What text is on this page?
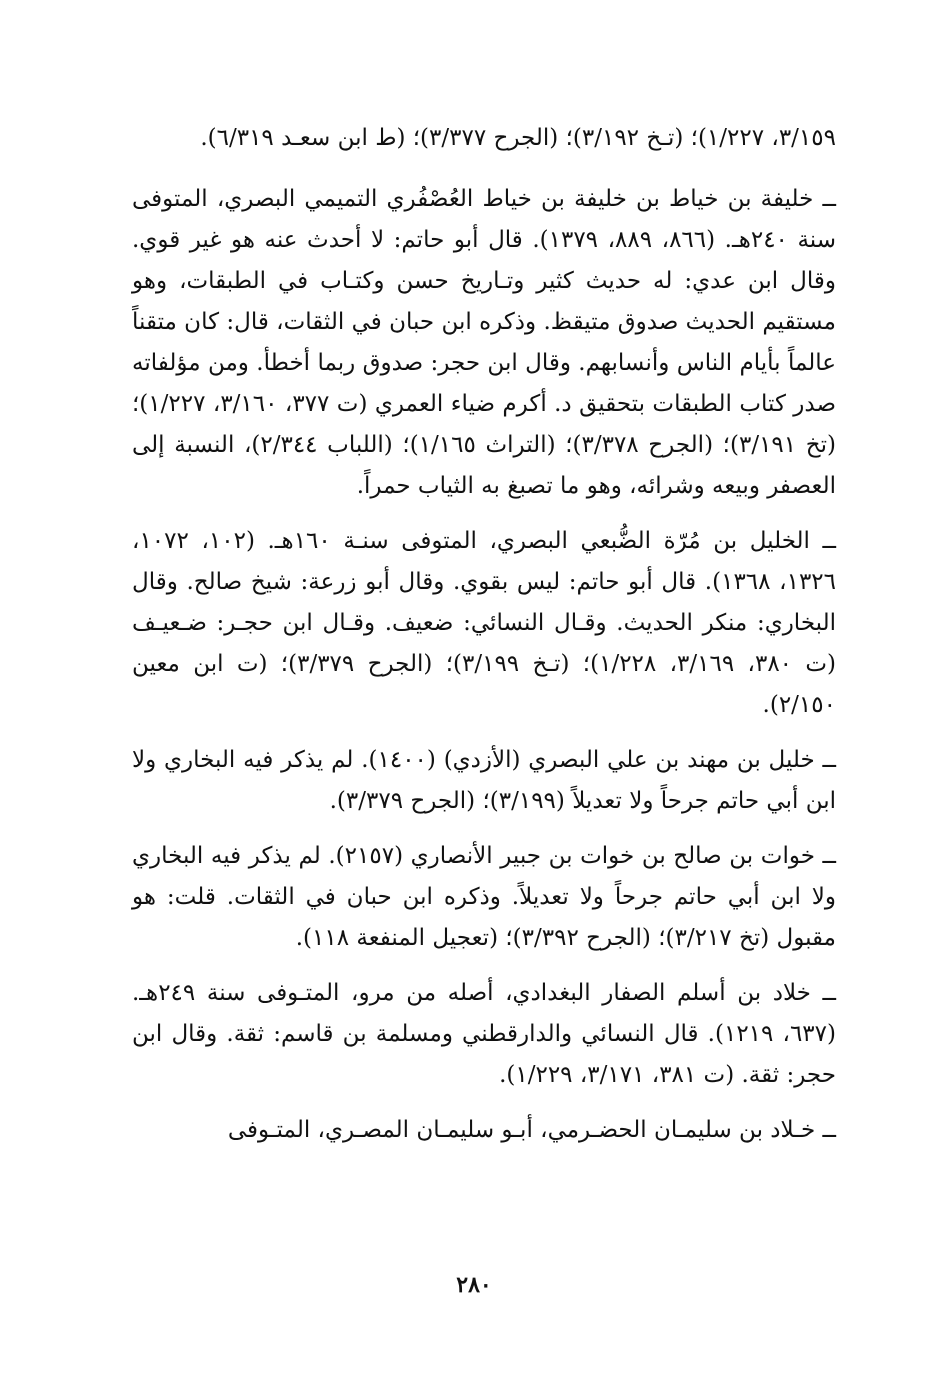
٣/١٥٩، ١/٢٢٧)؛ (تـخ ٣/١٩٢)؛ (الجرح ٣/٣٧٧)؛ (ط ابن سعـد ٦/٣١٩).

ــ خليفة بن خياط بن خليفة بن خياط العُصْفُري التميمي البصري، المتوفى سنة ٢٤٠هـ. (٨٦٦، ٨٨٩، ١٣٧٩). قال أبو حاتم: لا أحدث عنه هو غير قوي. وقال ابن عدي: له حديث كثير وتـاريخ حسن وكتـاب في الطبقات، وهو مستقيم الحديث صدوق متيقظ. وذكره ابن حبان في الثقات، قال: كان متقناً عالماً بأيام الناس وأنسابهم. وقال ابن حجر: صدوق ربما أخطأ. ومن مؤلفاته صدر كتاب الطبقات بتحقيق د. أكرم ضياء العمري (ت ٣٧٧، ٣/١٦٠، ١/٢٢٧)؛ (تخ ٣/١٩١)؛ (الجرح ٣/٣٧٨)؛ (التراث ١/١٦٥)؛ (اللباب ٢/٣٤٤)، النسبة إلى العصفر وبيعه وشرائه، وهو ما تصبغ به الثياب حمراً.

ــ الخليل بن مُرّة الضُّبعي البصري، المتوفى سنـة ١٦٠هـ. (١٠٢، ١٠٧٢، ١٣٢٦، ١٣٦٨). قال أبو حاتم: ليس بقوي. وقال أبو زرعة: شيخ صالح. وقال البخاري: منكر الحديث. وقـال النسائي: ضعيف. وقـال ابن حجـر: ضـعيـف (ت ٣٨٠، ٣/١٦٩، ١/٢٢٨)؛ (تـخ ٣/١٩٩)؛ (الجرح ٣/٣٧٩)؛ (ت ابن معين ٢/١٥٠).

ــ خليل بن مهند بن علي البصري (الأزدي) (١٤٠٠). لم يذكر فيه البخاري ولا ابن أبي حاتم جرحاً ولا تعديلاً (٣/١٩٩)؛ (الجرح ٣/٣٧٩).

ــ خوات بن صالح بن خوات بن جبير الأنصاري (٢١٥٧). لم يذكر فيه البخاري ولا ابن أبي حاتم جرحاً ولا تعديلاً. وذكره ابن حبان في الثقات. قلت: هو مقبول (تخ ٣/٢١٧)؛ (الجرح ٣/٣٩٢)؛ (تعجيل المنفعة ١١٨).

ــ خلاد بن أسلم الصفار البغدادي، أصله من مرو، المتـوفى سنة ٢٤٩هـ. (٦٣٧، ١٢١٩). قال النسائي والدارقطني ومسلمة بن قاسم: ثقة. وقال ابن حجر: ثقة. (ت ٣٨١، ٣/١٧١، ١/٢٢٩).

ــ خـلاد بن سليمـان الحضـرمي، أبـو سليمـان المصـري، المتـوفى

٢٨٠
